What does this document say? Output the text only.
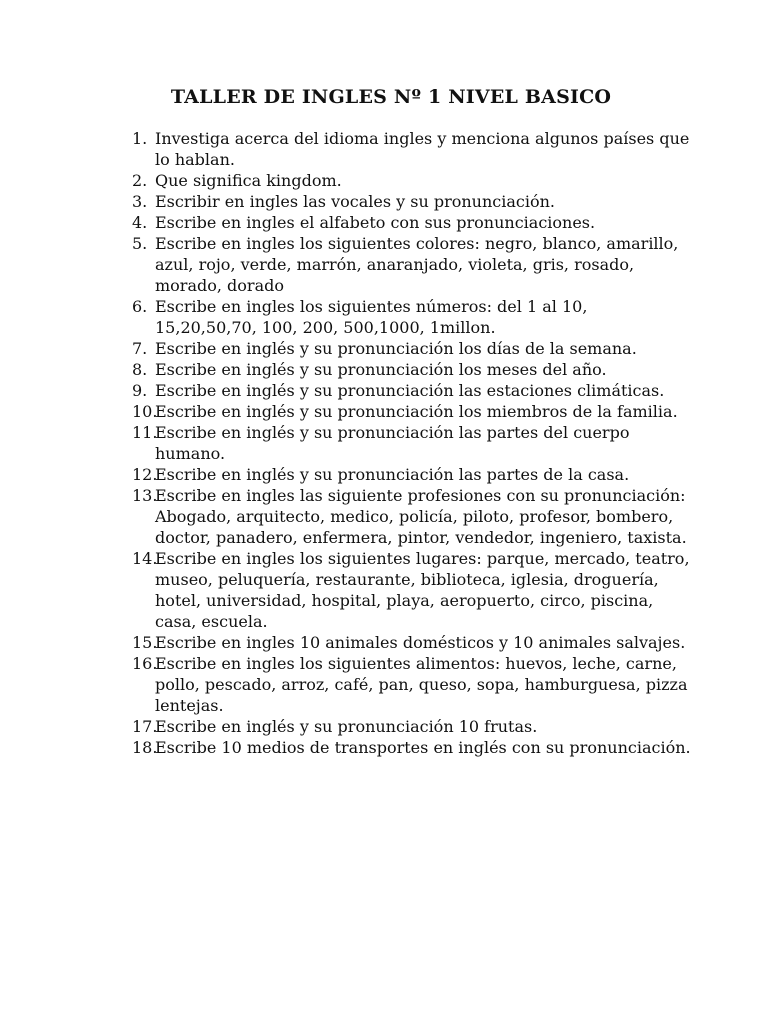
TALLER DE INGLES Nº 1 NIVEL BASICO
1. Investiga acerca del idioma ingles y menciona algunos países que lo hablan.
2. Que significa kingdom.
3. Escribir en ingles las vocales y su pronunciación.
4. Escribe en ingles el alfabeto con sus pronunciaciones.
5. Escribe en ingles los siguientes colores: negro, blanco, amarillo, azul, rojo, verde, marrón, anaranjado, violeta, gris, rosado, morado, dorado
6. Escribe en ingles los siguientes números: del 1 al 10, 15,20,50,70, 100, 200, 500,1000, 1millon.
7. Escribe en inglés y su pronunciación los días de la semana.
8. Escribe en inglés y su pronunciación los meses del año.
9. Escribe en inglés y su pronunciación las estaciones climáticas.
10.
Escribe en inglés y su pronunciación los miembros de la familia.
11.
Escribe en inglés y su pronunciación las partes del cuerpo humano.
12.
Escribe en inglés y su pronunciación las partes de la casa.
13.
Escribe en ingles las siguiente profesiones con su pronunciación: Abogado, arquitecto, medico, policía, piloto, profesor, bombero, doctor, panadero, enfermera, pintor, vendedor, ingeniero, taxista.
14.
Escribe en ingles los siguientes lugares: parque, mercado, teatro, museo, peluquería, restaurante, biblioteca, iglesia, droguería, hotel, universidad, hospital, playa, aeropuerto, circo, piscina, casa, escuela.
15.
Escribe en ingles 10 animales domésticos y 10 animales salvajes.
16.
Escribe en ingles los siguientes alimentos: huevos, leche, carne, pollo, pescado, arroz, café, pan, queso, sopa, hamburguesa, pizza lentejas.
17.
Escribe en inglés y su pronunciación 10 frutas.
18.
Escribe 10 medios de transportes en inglés con su pronunciación.
